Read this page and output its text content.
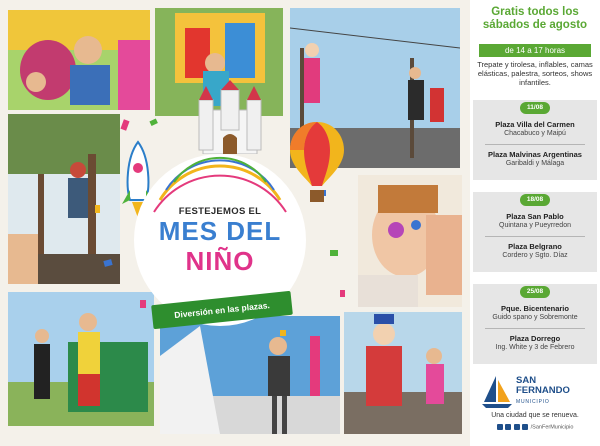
FESTEJEMOS EL
MES DEL
NIÑO
Diversión en las plazas.
Gratis todos los sábados de agosto
de 14 a 17 horas
Trepate y tirolesa, inflables, camas elásticas, palestra, sorteos, shows infantiles.
11/08
Plaza Villa del Carmen
Chacabuco y Maipú
Plaza Malvinas Argentinas
Garibaldi y Málaga
18/08
Plaza San Pablo
Quintana y Pueyrredon
Plaza Belgrano
Cordero y Sgto. Díaz
25/08
Pque. Bicentenario
Guido spano y Sobremonte
Plaza Dorrego
Ing. White y 3 de Febrero
SAN
FERNANDO
MUNICIPIO
Una ciudad que se renueva.
/SanFerMunicipio
